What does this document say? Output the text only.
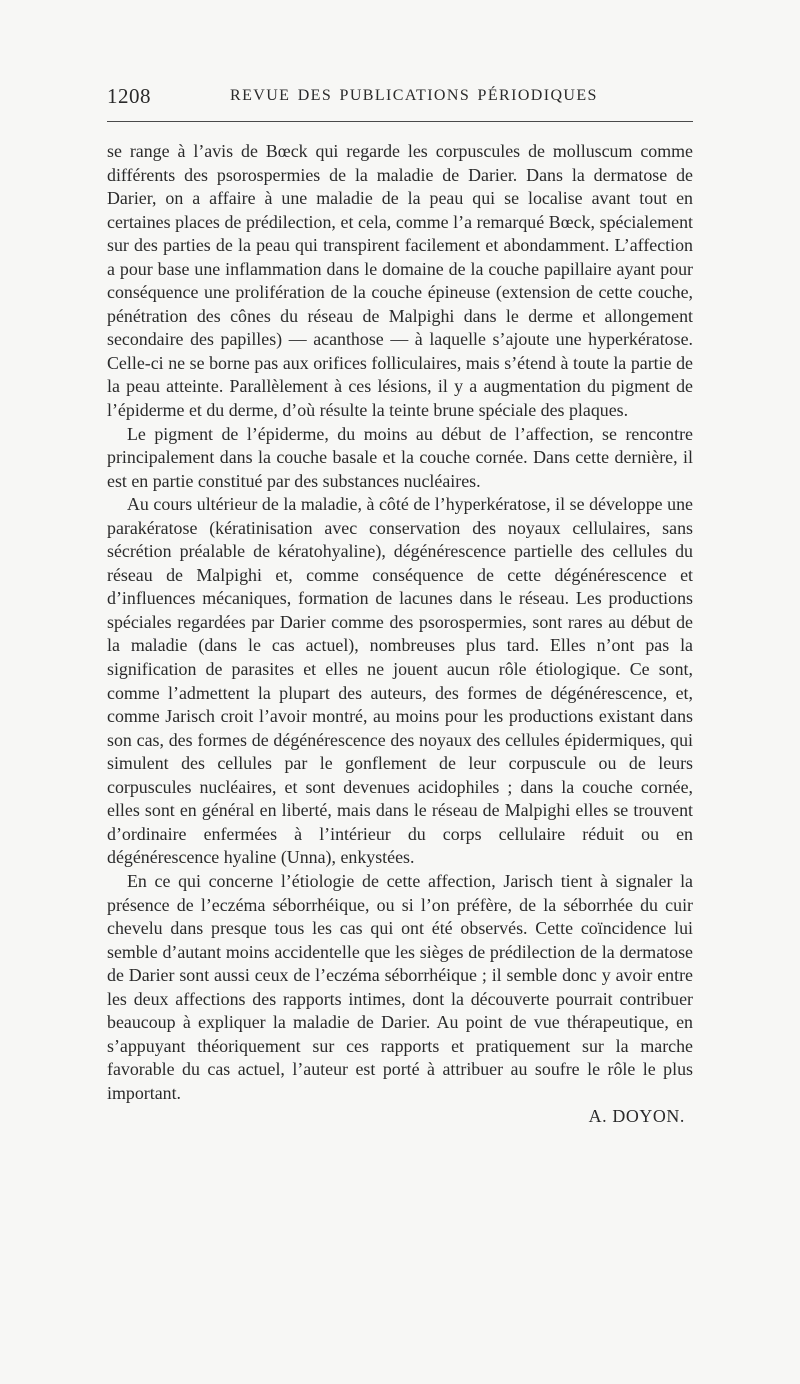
1208	REVUE DES PUBLICATIONS PÉRIODIQUES

se range à l’avis de Bœck qui regarde les corpuscules de molluscum comme différents des psorospermies de la maladie de Darier. Dans la dermatose de Darier, on a affaire à une maladie de la peau qui se localise avant tout en certaines places de prédilection, et cela, comme l’a remarqué Bœck, spécialement sur des parties de la peau qui transpirent facilement et abondamment. L’affection a pour base une inflammation dans le domaine de la couche papillaire ayant pour conséquence une prolifération de la couche épineuse (extension de cette couche, pénétration des cônes du réseau de Malpighi dans le derme et allongement secondaire des papilles) — acanthose — à laquelle s’ajoute une hyperkératose. Celle-ci ne se borne pas aux orifices folliculaires, mais s’étend à toute la partie de la peau atteinte. Parallèlement à ces lésions, il y a augmentation du pigment de l’épiderme et du derme, d’où résulte la teinte brune spéciale des plaques.

Le pigment de l’épiderme, du moins au début de l’affection, se rencontre principalement dans la couche basale et la couche cornée. Dans cette dernière, il est en partie constitué par des substances nucléaires.

Au cours ultérieur de la maladie, à côté de l’hyperkératose, il se développe une parakératose (kératinisation avec conservation des noyaux cellulaires, sans sécrétion préalable de kératohyaline), dégénérescence partielle des cellules du réseau de Malpighi et, comme conséquence de cette dégénérescence et d’influences mécaniques, formation de lacunes dans le réseau. Les productions spéciales regardées par Darier comme des psorospermies, sont rares au début de la maladie (dans le cas actuel), nombreuses plus tard. Elles n’ont pas la signification de parasites et elles ne jouent aucun rôle étiologique. Ce sont, comme l’admettent la plupart des auteurs, des formes de dégénérescence, et, comme Jarisch croit l’avoir montré, au moins pour les productions existant dans son cas, des formes de dégénérescence des noyaux des cellules épidermiques, qui simulent des cellules par le gonflement de leur corpuscule ou de leurs corpuscules nucléaires, et sont devenues acidophiles ; dans la couche cornée, elles sont en général en liberté, mais dans le réseau de Malpighi elles se trouvent d’ordinaire enfermées à l’intérieur du corps cellulaire réduit ou en dégénérescence hyaline (Unna), enkystées.

En ce qui concerne l’étiologie de cette affection, Jarisch tient à signaler la présence de l’eczéma séborrhéique, ou si l’on préfère, de la séborrhée du cuir chevelu dans presque tous les cas qui ont été observés. Cette coïncidence lui semble d’autant moins accidentelle que les sièges de prédilection de la dermatose de Darier sont aussi ceux de l’eczéma séborrhéique ; il semble donc y avoir entre les deux affections des rapports intimes, dont la découverte pourrait contribuer beaucoup à expliquer la maladie de Darier. Au point de vue thérapeutique, en s’appuyant théoriquement sur ces rapports et pratiquement sur la marche favorable du cas actuel, l’auteur est porté à attribuer au soufre le rôle le plus important.

A. DOYON.
